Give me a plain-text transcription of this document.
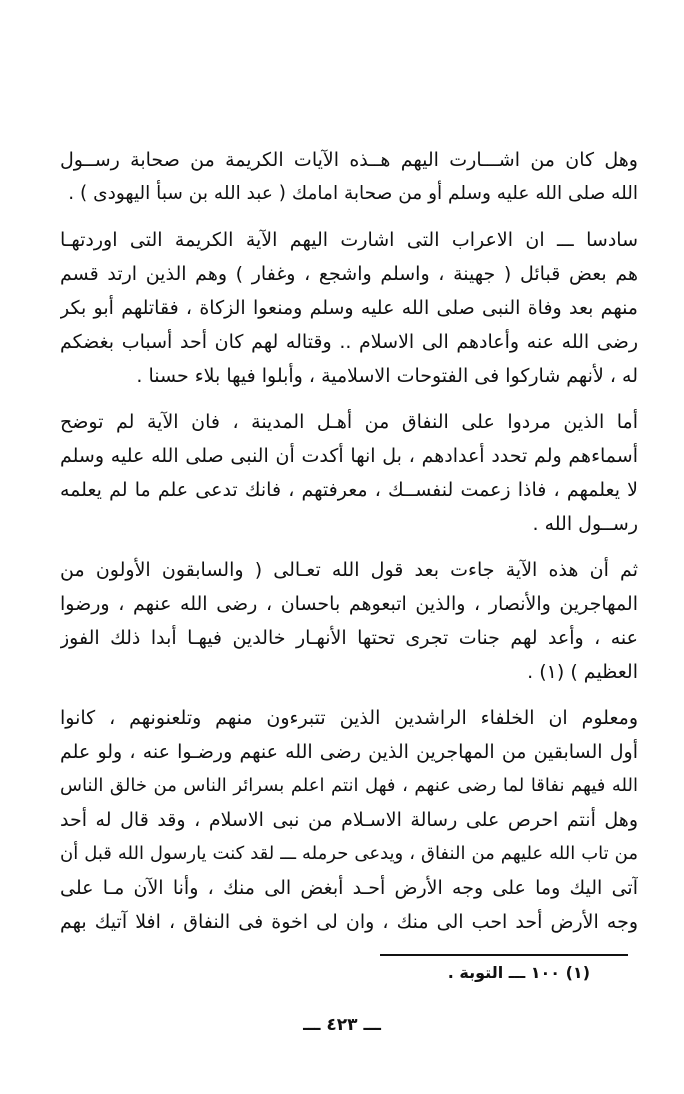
وهل كان من اشـــارت اليهم هــذه الآيات الكريمة من صحابة رســول
الله صلى الله عليه وسلم أو من صحابة امامك ( عبد الله بن سبأ اليهودى ) .

سادسا ـــ ان الاعراب التى اشارت اليهم الآية الكريمة التى اوردتهـا
هم بعض قبائل ( جهينة ، واسلم واشجع ، وغفار ) وهم الذين ارتد قسم
منهم بعد وفاة النبى صلى الله عليه وسلم ومنعوا الزكاة ، فقاتلهم أبو بكر
رضى الله عنه وأعادهم الى الاسلام .. وقتاله لهم كان أحد أسباب بغضكم
له ، لأنهم شاركوا فى الفتوحات الاسلامية ، وأبلوا فيها بلاء حسنا .

أما الذين مردوا على النفاق من أهـل المدينة ، فان الآية لم توضح
أسماءهم ولم تحدد أعدادهم ، بل انها أكدت أن النبى صلى الله عليه وسلم
لا يعلمهم ، فاذا زعمت لنفســك ، معرفتهم ، فانك تدعى علم ما لم يعلمه
رســول الله .

ثم أن هذه الآية جاءت بعد قول الله تعـالى ( والسابقون الأولون من
المهاجرين والأنصار ، والذين اتبعوهم باحسان ، رضى الله عنهم ، ورضوا
عنه ، وأعد لهم جنات تجرى تحتها الأنهـار خالدين فيهـا أبدا ذلك الفوز
العظيم ) (١) .

ومعلوم ان الخلفاء الراشدين الذين تتبرءون منهم وتلعنونهم ، كانوا
أول السابقين من المهاجرين الذين رضى الله عنهم ورضـوا عنه ، ولو علم
الله فيهم نفاقا لما رضى عنهم ، فهل انتم اعلم بسرائر الناس من خالق الناس
وهل أنتم احرص على رسالة الاسـلام من نبى الاسلام ، وقد قال له أحد
من تاب الله عليهم من النفاق ، ويدعى حرمله ـــ لقد كنت يارسول الله قبل أن
آتى اليك وما على وجه الأرض أحـد أبغض الى منك ، وأنا الآن مـا على
وجه الأرض أحد احب الى منك ، وان لى اخوة فى النفاق ، افلا آتيك بهم

(١) ١٠٠ ـــ التوبة .
ـــ ٤٢٣ ـــ
